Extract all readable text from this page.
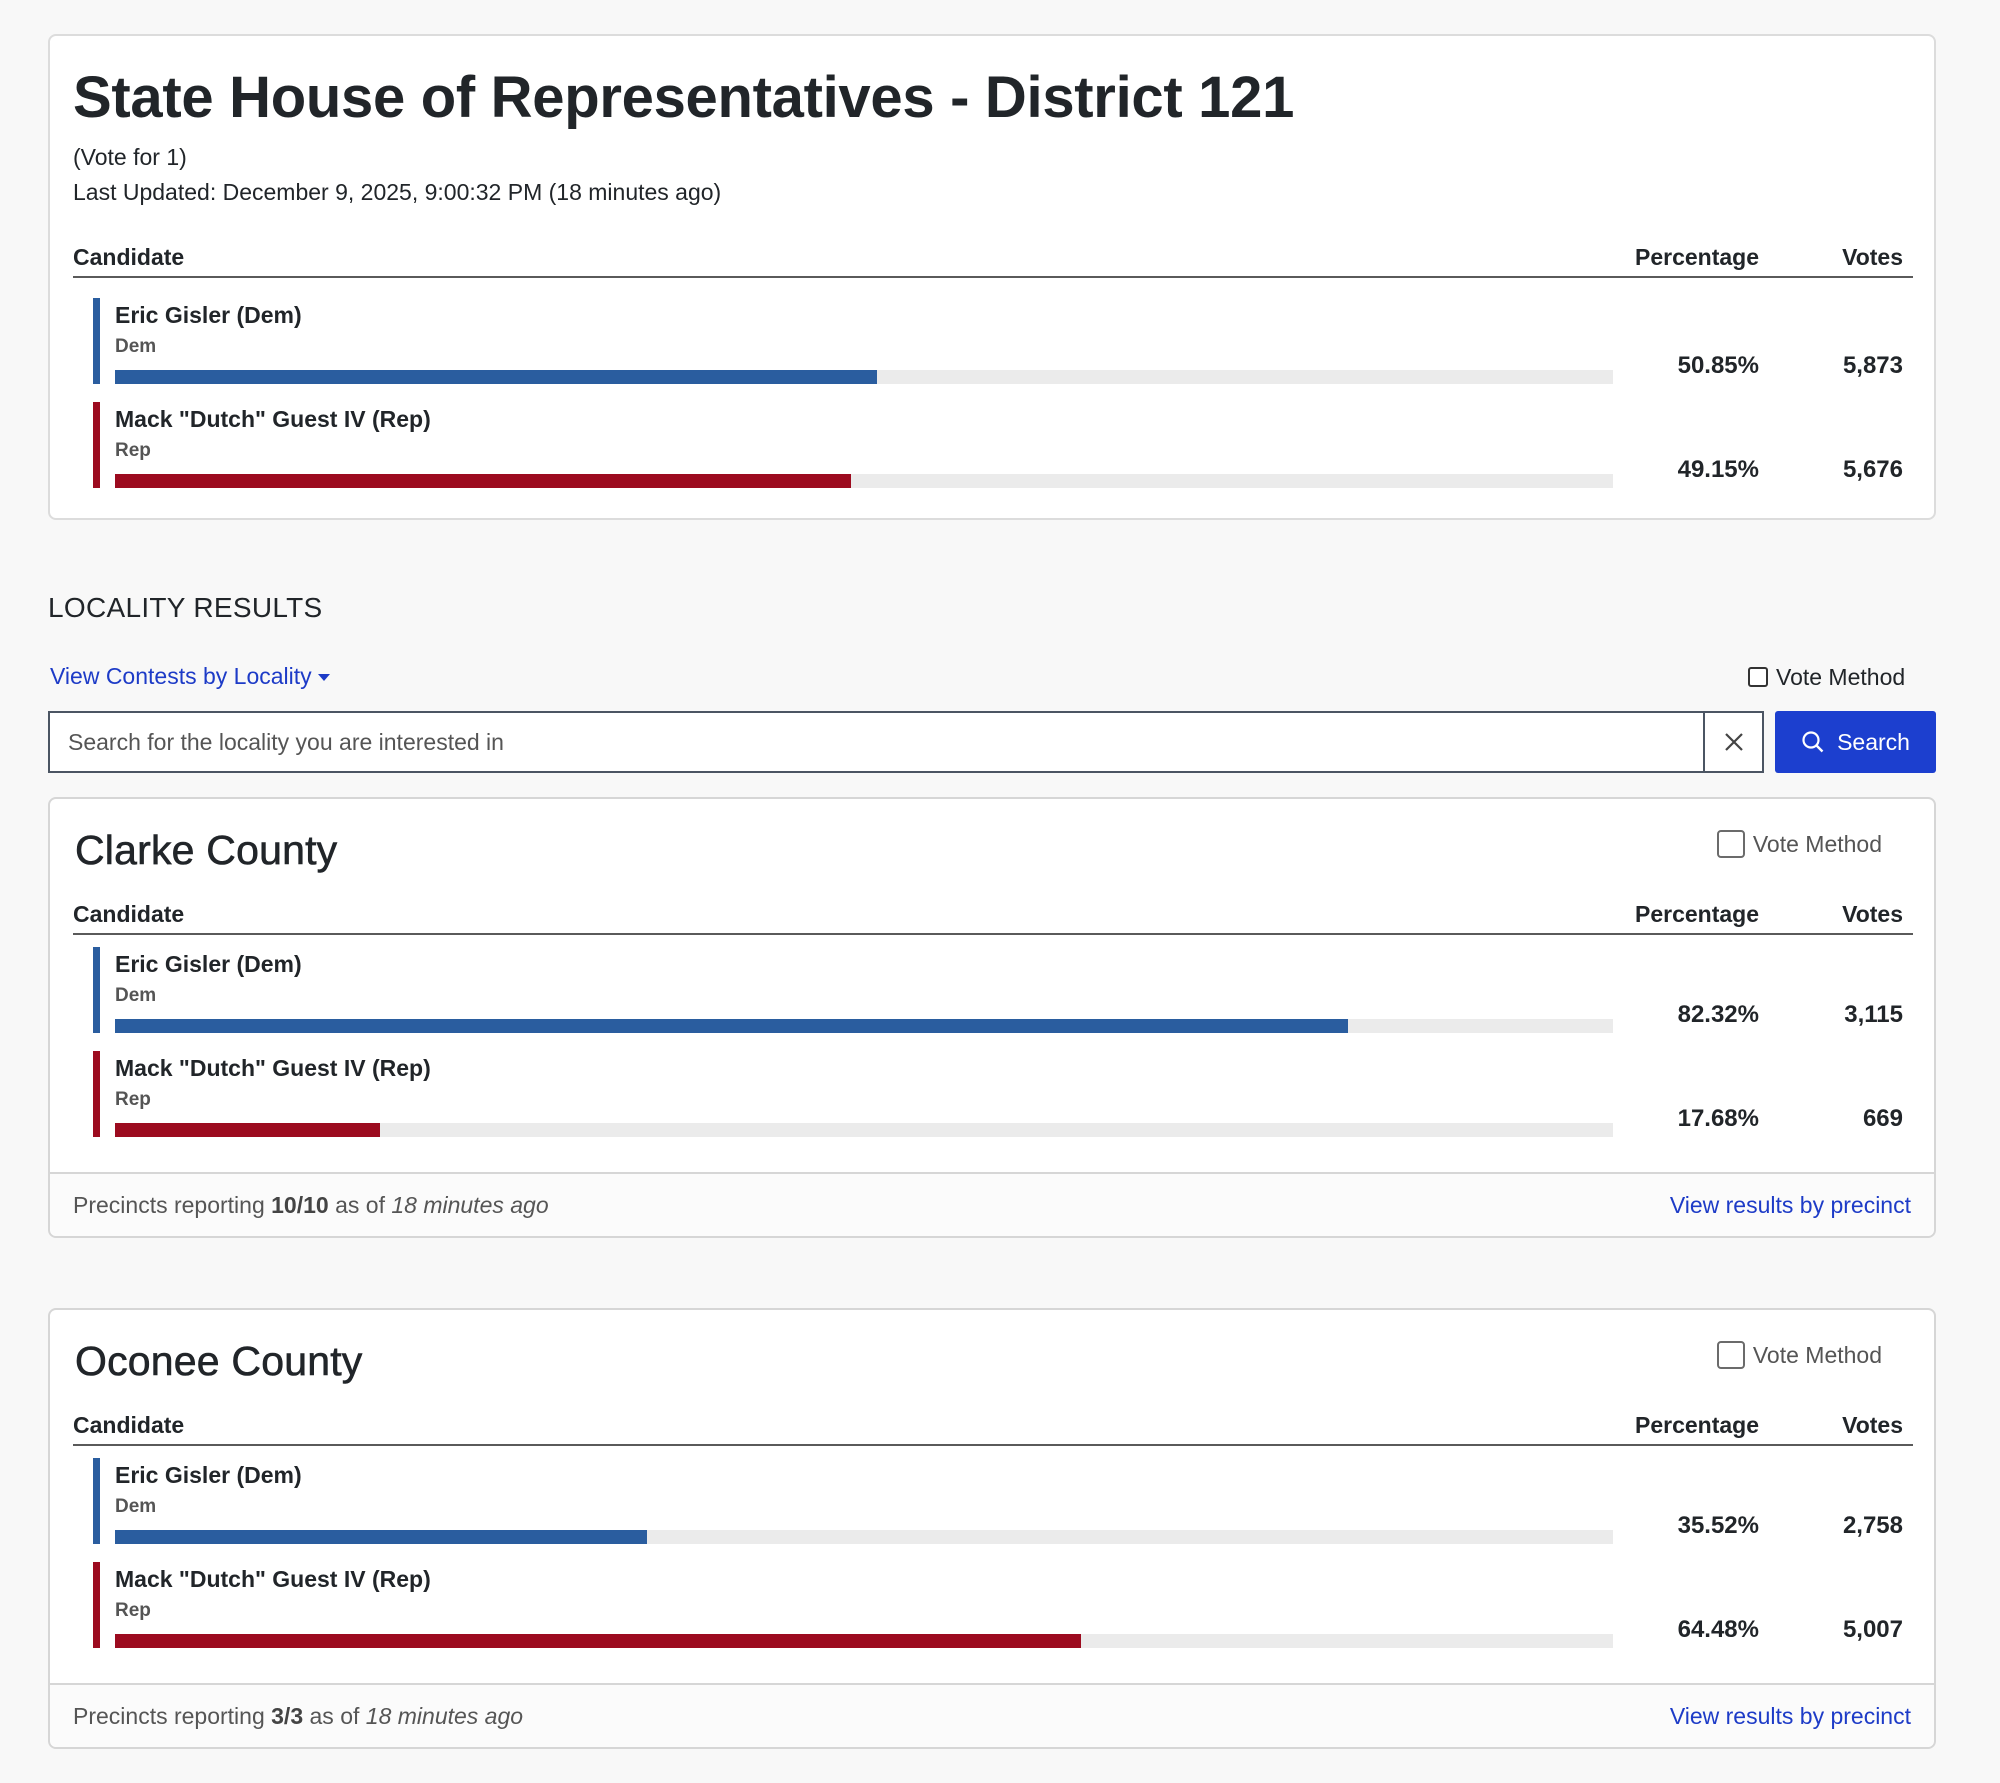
State House of Representatives - District 121
(Vote for 1)
Last Updated: December 9, 2025, 9:00:32 PM (18 minutes ago)
Candidate	Percentage	Votes
Eric Gisler (Dem)
Dem
50.85%	5,873
Mack "Dutch" Guest IV (Rep)
Rep
49.15%	5,676
LOCALITY RESULTS
View Contests by Locality	Vote Method
Search for the locality you are interested in
Search
Clarke County	Vote Method
Candidate	Percentage	Votes
Eric Gisler (Dem)
Dem
82.32%	3,115
Mack "Dutch" Guest IV (Rep)
Rep
17.68%	669
Precincts reporting 10/10 as of 18 minutes ago	View results by precinct
Oconee County	Vote Method
Candidate	Percentage	Votes
Eric Gisler (Dem)
Dem
35.52%	2,758
Mack "Dutch" Guest IV (Rep)
Rep
64.48%	5,007
Precincts reporting 3/3 as of 18 minutes ago	View results by precinct
